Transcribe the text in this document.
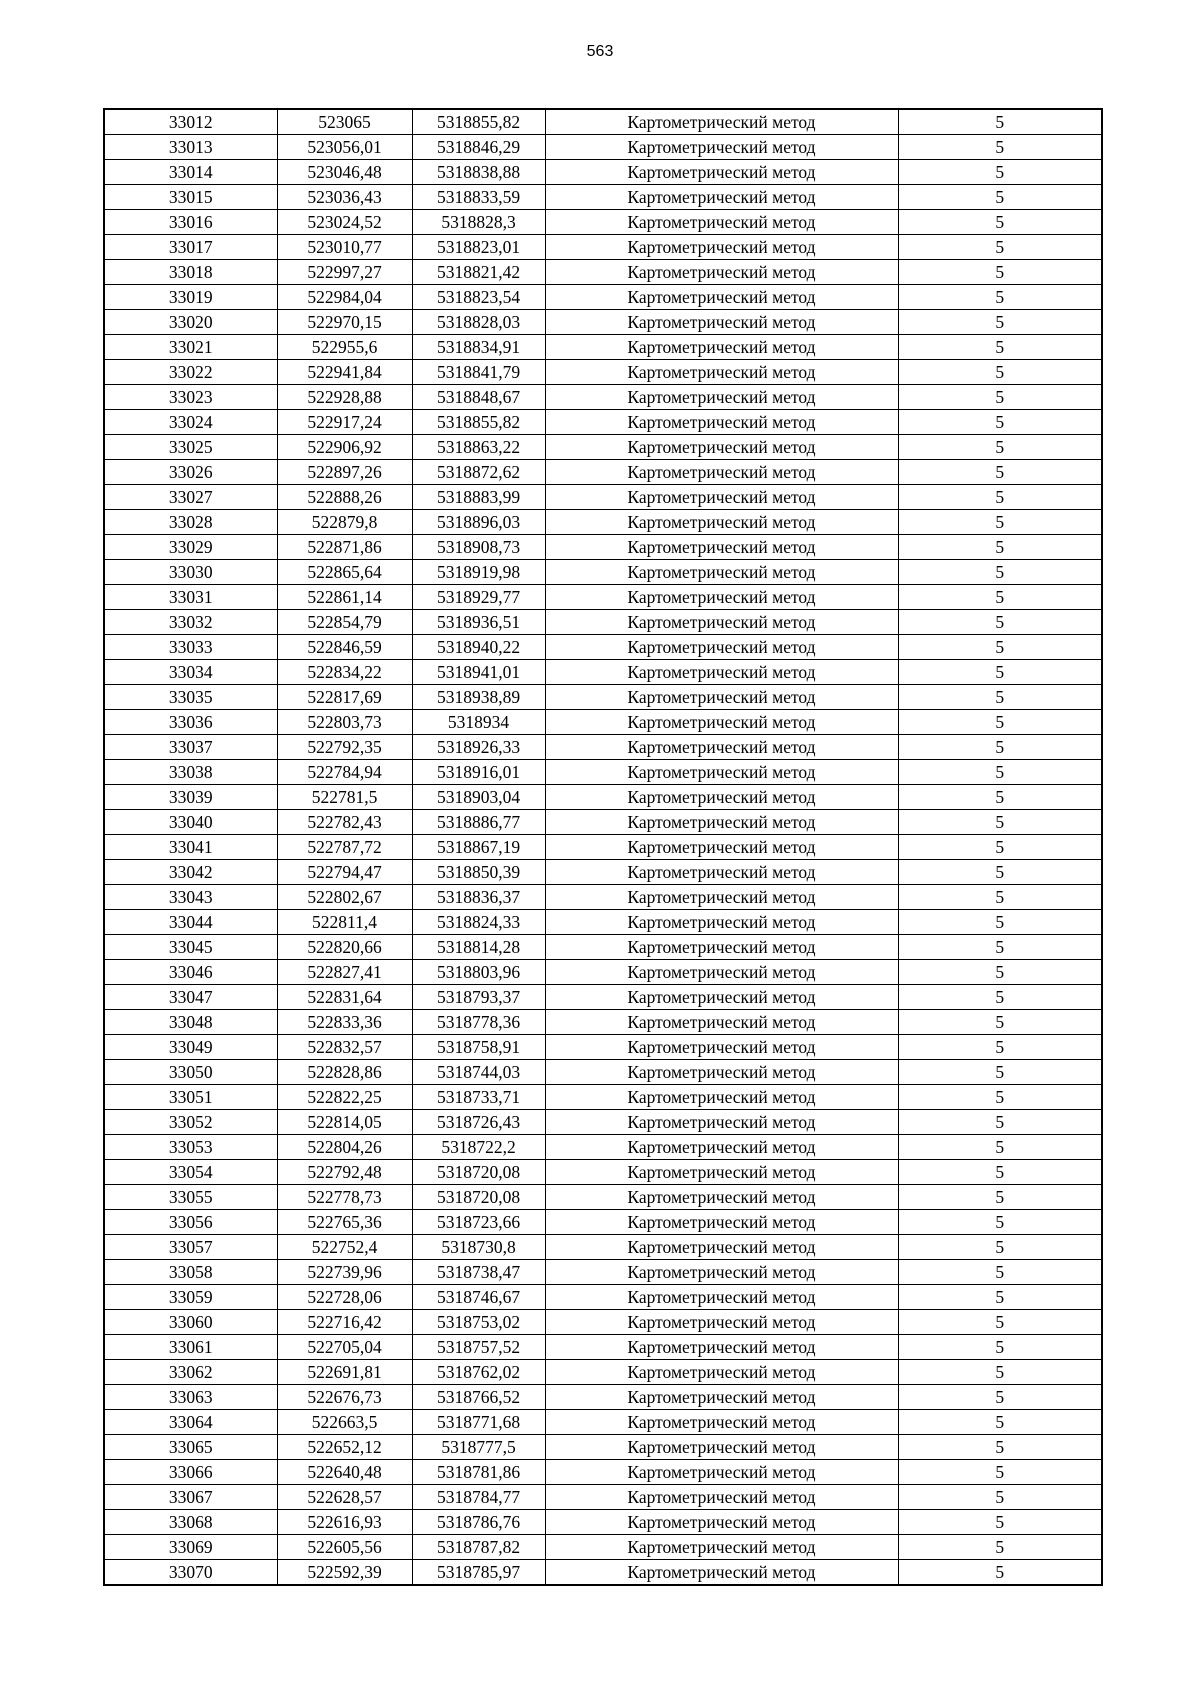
563
33012	523065	5318855,82	Картометрический метод	5
33013	523056,01	5318846,29	Картометрический метод	5
33014	523046,48	5318838,88	Картометрический метод	5
33015	523036,43	5318833,59	Картометрический метод	5
33016	523024,52	5318828,3	Картометрический метод	5
33017	523010,77	5318823,01	Картометрический метод	5
33018	522997,27	5318821,42	Картометрический метод	5
33019	522984,04	5318823,54	Картометрический метод	5
33020	522970,15	5318828,03	Картометрический метод	5
33021	522955,6	5318834,91	Картометрический метод	5
33022	522941,84	5318841,79	Картометрический метод	5
33023	522928,88	5318848,67	Картометрический метод	5
33024	522917,24	5318855,82	Картометрический метод	5
33025	522906,92	5318863,22	Картометрический метод	5
33026	522897,26	5318872,62	Картометрический метод	5
33027	522888,26	5318883,99	Картометрический метод	5
33028	522879,8	5318896,03	Картометрический метод	5
33029	522871,86	5318908,73	Картометрический метод	5
33030	522865,64	5318919,98	Картометрический метод	5
33031	522861,14	5318929,77	Картометрический метод	5
33032	522854,79	5318936,51	Картометрический метод	5
33033	522846,59	5318940,22	Картометрический метод	5
33034	522834,22	5318941,01	Картометрический метод	5
33035	522817,69	5318938,89	Картометрический метод	5
33036	522803,73	5318934	Картометрический метод	5
33037	522792,35	5318926,33	Картометрический метод	5
33038	522784,94	5318916,01	Картометрический метод	5
33039	522781,5	5318903,04	Картометрический метод	5
33040	522782,43	5318886,77	Картометрический метод	5
33041	522787,72	5318867,19	Картометрический метод	5
33042	522794,47	5318850,39	Картометрический метод	5
33043	522802,67	5318836,37	Картометрический метод	5
33044	522811,4	5318824,33	Картометрический метод	5
33045	522820,66	5318814,28	Картометрический метод	5
33046	522827,41	5318803,96	Картометрический метод	5
33047	522831,64	5318793,37	Картометрический метод	5
33048	522833,36	5318778,36	Картометрический метод	5
33049	522832,57	5318758,91	Картометрический метод	5
33050	522828,86	5318744,03	Картометрический метод	5
33051	522822,25	5318733,71	Картометрический метод	5
33052	522814,05	5318726,43	Картометрический метод	5
33053	522804,26	5318722,2	Картометрический метод	5
33054	522792,48	5318720,08	Картометрический метод	5
33055	522778,73	5318720,08	Картометрический метод	5
33056	522765,36	5318723,66	Картометрический метод	5
33057	522752,4	5318730,8	Картометрический метод	5
33058	522739,96	5318738,47	Картометрический метод	5
33059	522728,06	5318746,67	Картометрический метод	5
33060	522716,42	5318753,02	Картометрический метод	5
33061	522705,04	5318757,52	Картометрический метод	5
33062	522691,81	5318762,02	Картометрический метод	5
33063	522676,73	5318766,52	Картометрический метод	5
33064	522663,5	5318771,68	Картометрический метод	5
33065	522652,12	5318777,5	Картометрический метод	5
33066	522640,48	5318781,86	Картометрический метод	5
33067	522628,57	5318784,77	Картометрический метод	5
33068	522616,93	5318786,76	Картометрический метод	5
33069	522605,56	5318787,82	Картометрический метод	5
33070	522592,39	5318785,97	Картометрический метод	5
